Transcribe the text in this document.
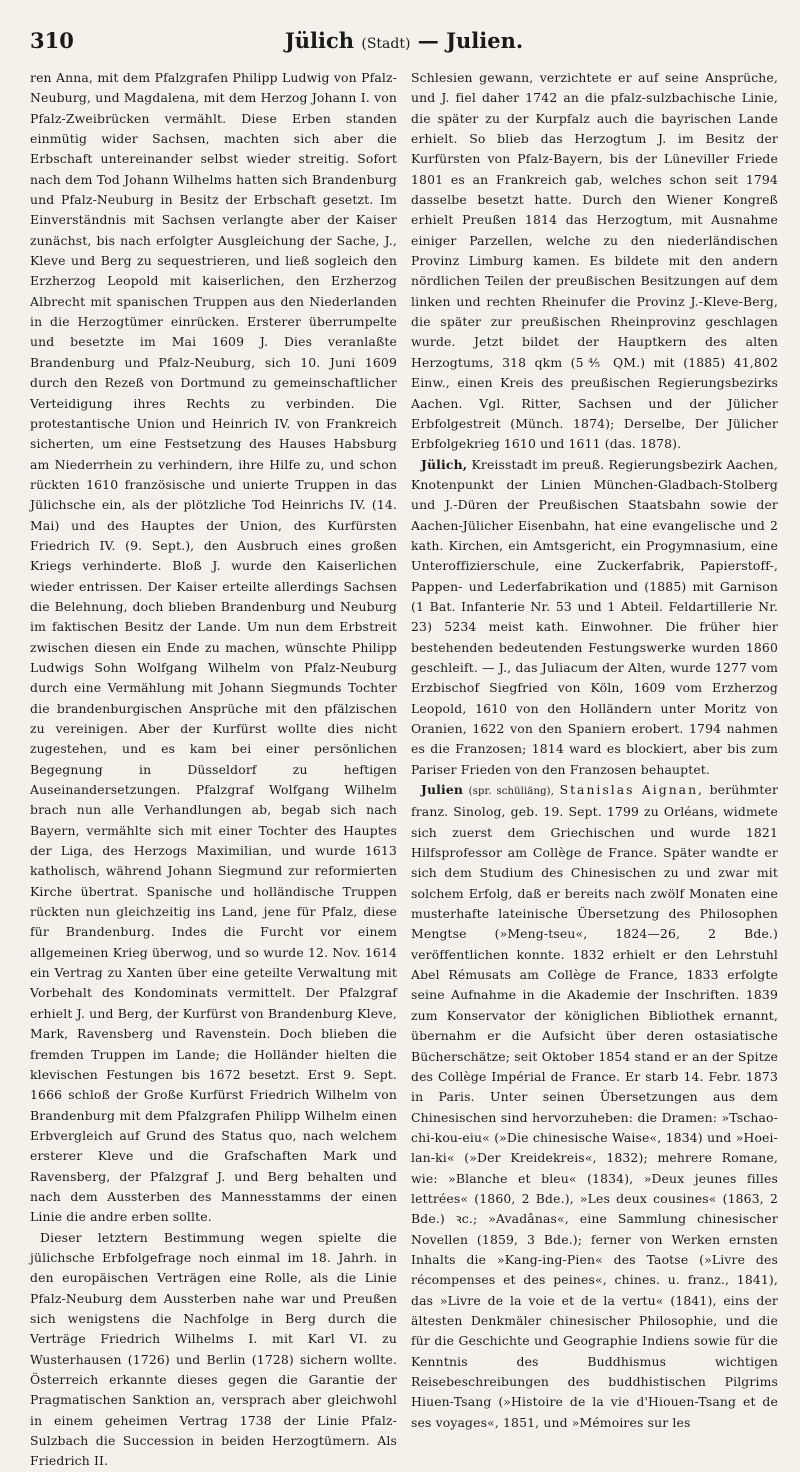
310	Jülich (Stadt) — Julien.

ren Anna, mit dem Pfalzgrafen Philipp Ludwig von Pfalz-Neuburg, und Magdalena, mit dem Herzog Johann I. von Pfalz-Zweibrücken vermählt. Diese Erben standen einmütig wider Sachsen, machten sich aber die Erbschaft untereinander selbst wieder streitig. Sofort nach dem Tod Johann Wilhelms hatten sich Brandenburg und Pfalz-Neuburg in Besitz der Erbschaft gesetzt. Im Einverständnis mit Sachsen verlangte aber der Kaiser zunächst, bis nach erfolgter Ausgleichung der Sache, J., Kleve und Berg zu sequestrieren, und ließ sogleich den Erzherzog Leopold mit kaiserlichen, den Erzherzog Albrecht mit spanischen Truppen aus den Niederlanden in die Herzogtümer einrücken. Ersterer überrumpelte und besetzte im Mai 1609 J. Dies veranlaßte Brandenburg und Pfalz-Neuburg, sich 10. Juni 1609 durch den Rezeß von Dortmund zu gemeinschaftlicher Verteidigung ihres Rechts zu verbinden. Die protestantische Union und Heinrich IV. von Frankreich sicherten, um eine Festsetzung des Hauses Habsburg am Niederrhein zu verhindern, ihre Hilfe zu, und schon rückten 1610 französische und unierte Truppen in das Jülichsche ein, als der plötzliche Tod Heinrichs IV. (14. Mai) und des Hauptes der Union, des Kurfürsten Friedrich IV. (9. Sept.), den Ausbruch eines großen Kriegs verhinderte. Bloß J. wurde den Kaiserlichen wieder entrissen. Der Kaiser erteilte allerdings Sachsen die Belehnung, doch blieben Brandenburg und Neuburg im faktischen Besitz der Lande. Um nun dem Erbstreit zwischen diesen ein Ende zu machen, wünschte Philipp Ludwigs Sohn Wolfgang Wilhelm von Pfalz-Neuburg durch eine Vermählung mit Johann Siegmunds Tochter die brandenburgischen Ansprüche mit den pfälzischen zu vereinigen. Aber der Kurfürst wollte dies nicht zugestehen, und es kam bei einer persönlichen Begegnung in Düsseldorf zu heftigen Auseinandersetzungen. Pfalzgraf Wolfgang Wilhelm brach nun alle Verhandlungen ab, begab sich nach Bayern, vermählte sich mit einer Tochter des Hauptes der Liga, des Herzogs Maximilian, und wurde 1613 katholisch, während Johann Siegmund zur reformierten Kirche übertrat. Spanische und holländische Truppen rückten nun gleichzeitig ins Land, jene für Pfalz, diese für Brandenburg. Indes die Furcht vor einem allgemeinen Krieg überwog, und so wurde 12. Nov. 1614 ein Vertrag zu Xanten über eine geteilte Verwaltung mit Vorbehalt des Kondominats vermittelt. Der Pfalzgraf erhielt J. und Berg, der Kurfürst von Brandenburg Kleve, Mark, Ravensberg und Ravenstein. Doch blieben die fremden Truppen im Lande; die Holländer hielten die klevischen Festungen bis 1672 besetzt. Erst 9. Sept. 1666 schloß der Große Kurfürst Friedrich Wilhelm von Brandenburg mit dem Pfalzgrafen Philipp Wilhelm einen Erbvergleich auf Grund des Status quo, nach welchem ersterer Kleve und die Grafschaften Mark und Ravensberg, der Pfalzgraf J. und Berg behalten und nach dem Aussterben des Mannesstamms der einen Linie die andre erben sollte.

Dieser letztern Bestimmung wegen spielte die jülichsche Erbfolgefrage noch einmal im 18. Jahrh. in den europäischen Verträgen eine Rolle, als die Linie Pfalz-Neuburg dem Aussterben nahe war und Preußen sich wenigstens die Nachfolge in Berg durch die Verträge Friedrich Wilhelms I. mit Karl VI. zu Wusterhausen (1726) und Berlin (1728) sichern wollte. Österreich erkannte dieses gegen die Garantie der Pragmatischen Sanktion an, versprach aber gleichwohl in einem geheimen Vertrag 1738 der Linie Pfalz-Sulzbach die Succession in beiden Herzogtümern. Als Friedrich II.

Schlesien gewann, verzichtete er auf seine Ansprüche, und J. fiel daher 1742 an die pfalz-sulzbachische Linie, die später zu der Kurpfalz auch die bayrischen Lande erhielt. So blieb das Herzogtum J. im Besitz der Kurfürsten von Pfalz-Bayern, bis der Lüneviller Friede 1801 es an Frankreich gab, welches schon seit 1794 dasselbe besetzt hatte. Durch den Wiener Kongreß erhielt Preußen 1814 das Herzogtum, mit Ausnahme einiger Parzellen, welche zu den niederländischen Provinz Limburg kamen. Es bildete mit den andern nördlichen Teilen der preußischen Besitzungen auf dem linken und rechten Rheinufer die Provinz J.-Kleve-Berg, die später zur preußischen Rheinprovinz geschlagen wurde. Jetzt bildet der Hauptkern des alten Herzogtums, 318 qkm (5⅘ QM.) mit (1885) 41,802 Einw., einen Kreis des preußischen Regierungsbezirks Aachen. Vgl. Ritter, Sachsen und der Jülicher Erbfolgestreit (Münch. 1874); Derselbe, Der Jülicher Erbfolgekrieg 1610 und 1611 (das. 1878).

Jülich, Kreisstadt im preuß. Regierungsbezirk Aachen, Knotenpunkt der Linien München-Gladbach-Stolberg und J.-Düren der Preußischen Staatsbahn sowie der Aachen-Jülicher Eisenbahn, hat eine evangelische und 2 kath. Kirchen, ein Amtsgericht, ein Progymnasium, eine Unteroffizierschule, eine Zuckerfabrik, Papierstoff-, Pappen- und Lederfabrikation und (1885) mit Garnison (1 Bat. Infanterie Nr. 53 und 1 Abteil. Feldartillerie Nr. 23) 5234 meist kath. Einwohner. Die früher hier bestehenden bedeutenden Festungswerke wurden 1860 geschleift. — J., das Juliacum der Alten, wurde 1277 vom Erzbischof Siegfried von Köln, 1609 vom Erzherzog Leopold, 1610 von den Holländern unter Moritz von Oranien, 1622 von den Spaniern erobert. 1794 nahmen es die Franzosen; 1814 ward es blockiert, aber bis zum Pariser Frieden von den Franzosen behauptet.

Julien (spr. schüliäng), Stanislas Aignan, berühmter franz. Sinolog, geb. 19. Sept. 1799 zu Orléans, widmete sich zuerst dem Griechischen und wurde 1821 Hilfsprofessor am Collège de France. Später wandte er sich dem Studium des Chinesischen zu und zwar mit solchem Erfolg, daß er bereits nach zwölf Monaten eine musterhafte lateinische Übersetzung des Philosophen Mengtse (»Meng-tseu«, 1824—26, 2 Bde.) veröffentlichen konnte. 1832 erhielt er den Lehrstuhl Abel Rémusats am Collège de France, 1833 erfolgte seine Aufnahme in die Akademie der Inschriften. 1839 zum Konservator der königlichen Bibliothek ernannt, übernahm er die Aufsicht über deren ostasiatische Bücherschätze; seit Oktober 1854 stand er an der Spitze des Collège Impérial de France. Er starb 14. Febr. 1873 in Paris. Unter seinen Übersetzungen aus dem Chinesischen sind hervorzuheben: die Dramen: »Tschao-chi-kou-eiu« (»Die chinesische Waise«, 1834) und »Hoei-lan-ki« (»Der Kreidekreis«, 1832); mehrere Romane, wie: »Blanche et bleu« (1834), »Deux jeunes filles lettrées« (1860, 2 Bde.), »Les deux cousines« (1863, 2 Bde.) ꝛc.; »Avadânas«, eine Sammlung chinesischer Novellen (1859, 3 Bde.); ferner von Werken ernsten Inhalts die »Kang-ing-Pien« des Taotse (»Livre des récompenses et des peines«, chines. u. franz., 1841), das »Livre de la voie et de la vertu« (1841), eins der ältesten Denkmäler chinesischer Philosophie, und die für die Geschichte und Geographie Indiens sowie für die Kenntnis des Buddhismus wichtigen Reisebeschreibungen des buddhistischen Pilgrims Hiuen-Tsang (»Histoire de la vie d'Hiouen-Tsang et de ses voyages«, 1851, und »Mémoires sur les
